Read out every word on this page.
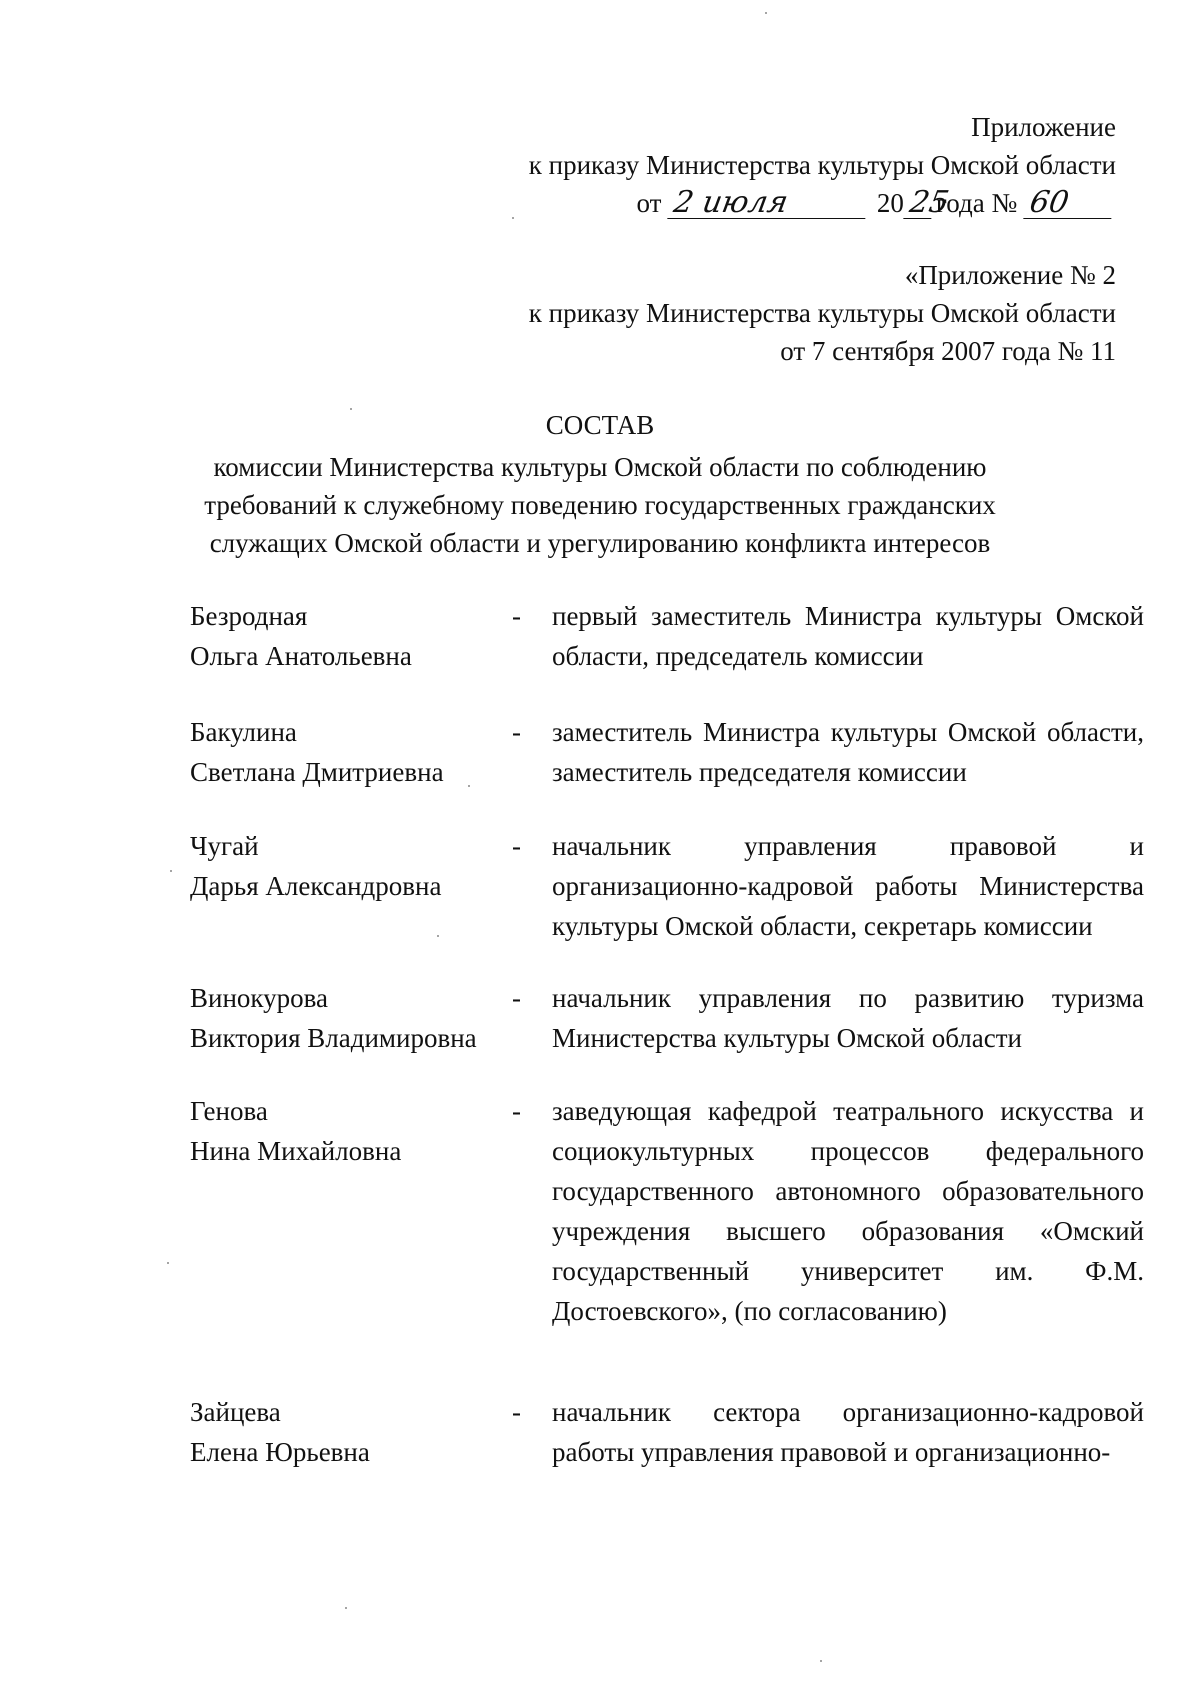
Приложение
к приказу Министерства культуры Омской области
от 2 июля	20 25года № 60
«Приложение № 2
к приказу Министерства культуры Омской области
от 7 сентября 2007 года № 11
СОСТАВ
комиссии Министерства культуры Омской области по соблюдению
требований к служебному поведению государственных гражданских
служащих Омской области и урегулированию конфликта интересов
Безродная
Ольга Анатольевна
-	первый заместитель Министра культуры Омской области, председатель комиссии
Бакулина
Светлана Дмитриевна
-	заместитель Министра культуры Омской области, заместитель председателя комиссии
Чугай
Дарья Александровна
-	начальник управления правовой и организационно-кадровой работы Министерства культуры Омской области, секретарь комиссии
Винокурова
Виктория Владимировна
-	начальник управления по развитию туризма Министерства культуры Омской области
Генова
Нина Михайловна
-	заведующая кафедрой театрального искусства и социокультурных процессов федерального государственного автономного образовательного учреждения высшего образования «Омский государственный университет им. Ф.М. Достоевского», (по согласованию)
Зайцева
Елена Юрьевна
-	начальник сектора организационно-кадровой работы управления правовой и организационно-
